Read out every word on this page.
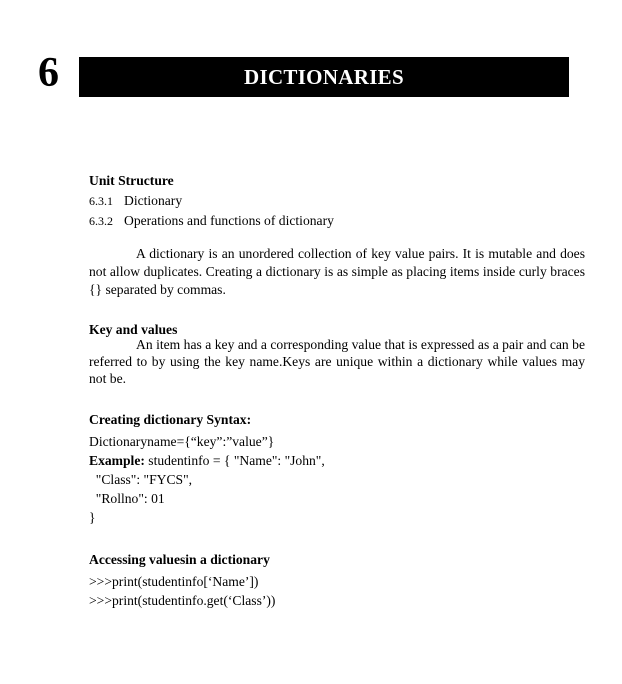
6	DICTIONARIES
Unit Structure
6.3.1 Dictionary
6.3.2 Operations and functions of dictionary
A dictionary is an unordered collection of key value pairs. It is mutable and does not allow duplicates. Creating a dictionary is as simple as placing items inside curly braces {} separated by commas.
Key and values
An item has a key and a corresponding value that is expressed as a pair and can be referred to by using the key name.Keys are unique within a dictionary while values may not be.
Creating dictionary Syntax:
Dictionaryname={“key”:”value”}
Example: studentinfo = { "Name": "John",
"Class": "FYCS",
"Rollno": 01
}
Accessing valuesin a dictionary
>>>print(studentinfo[‘Name’])
>>>print(studentinfo.get(‘Class’))
